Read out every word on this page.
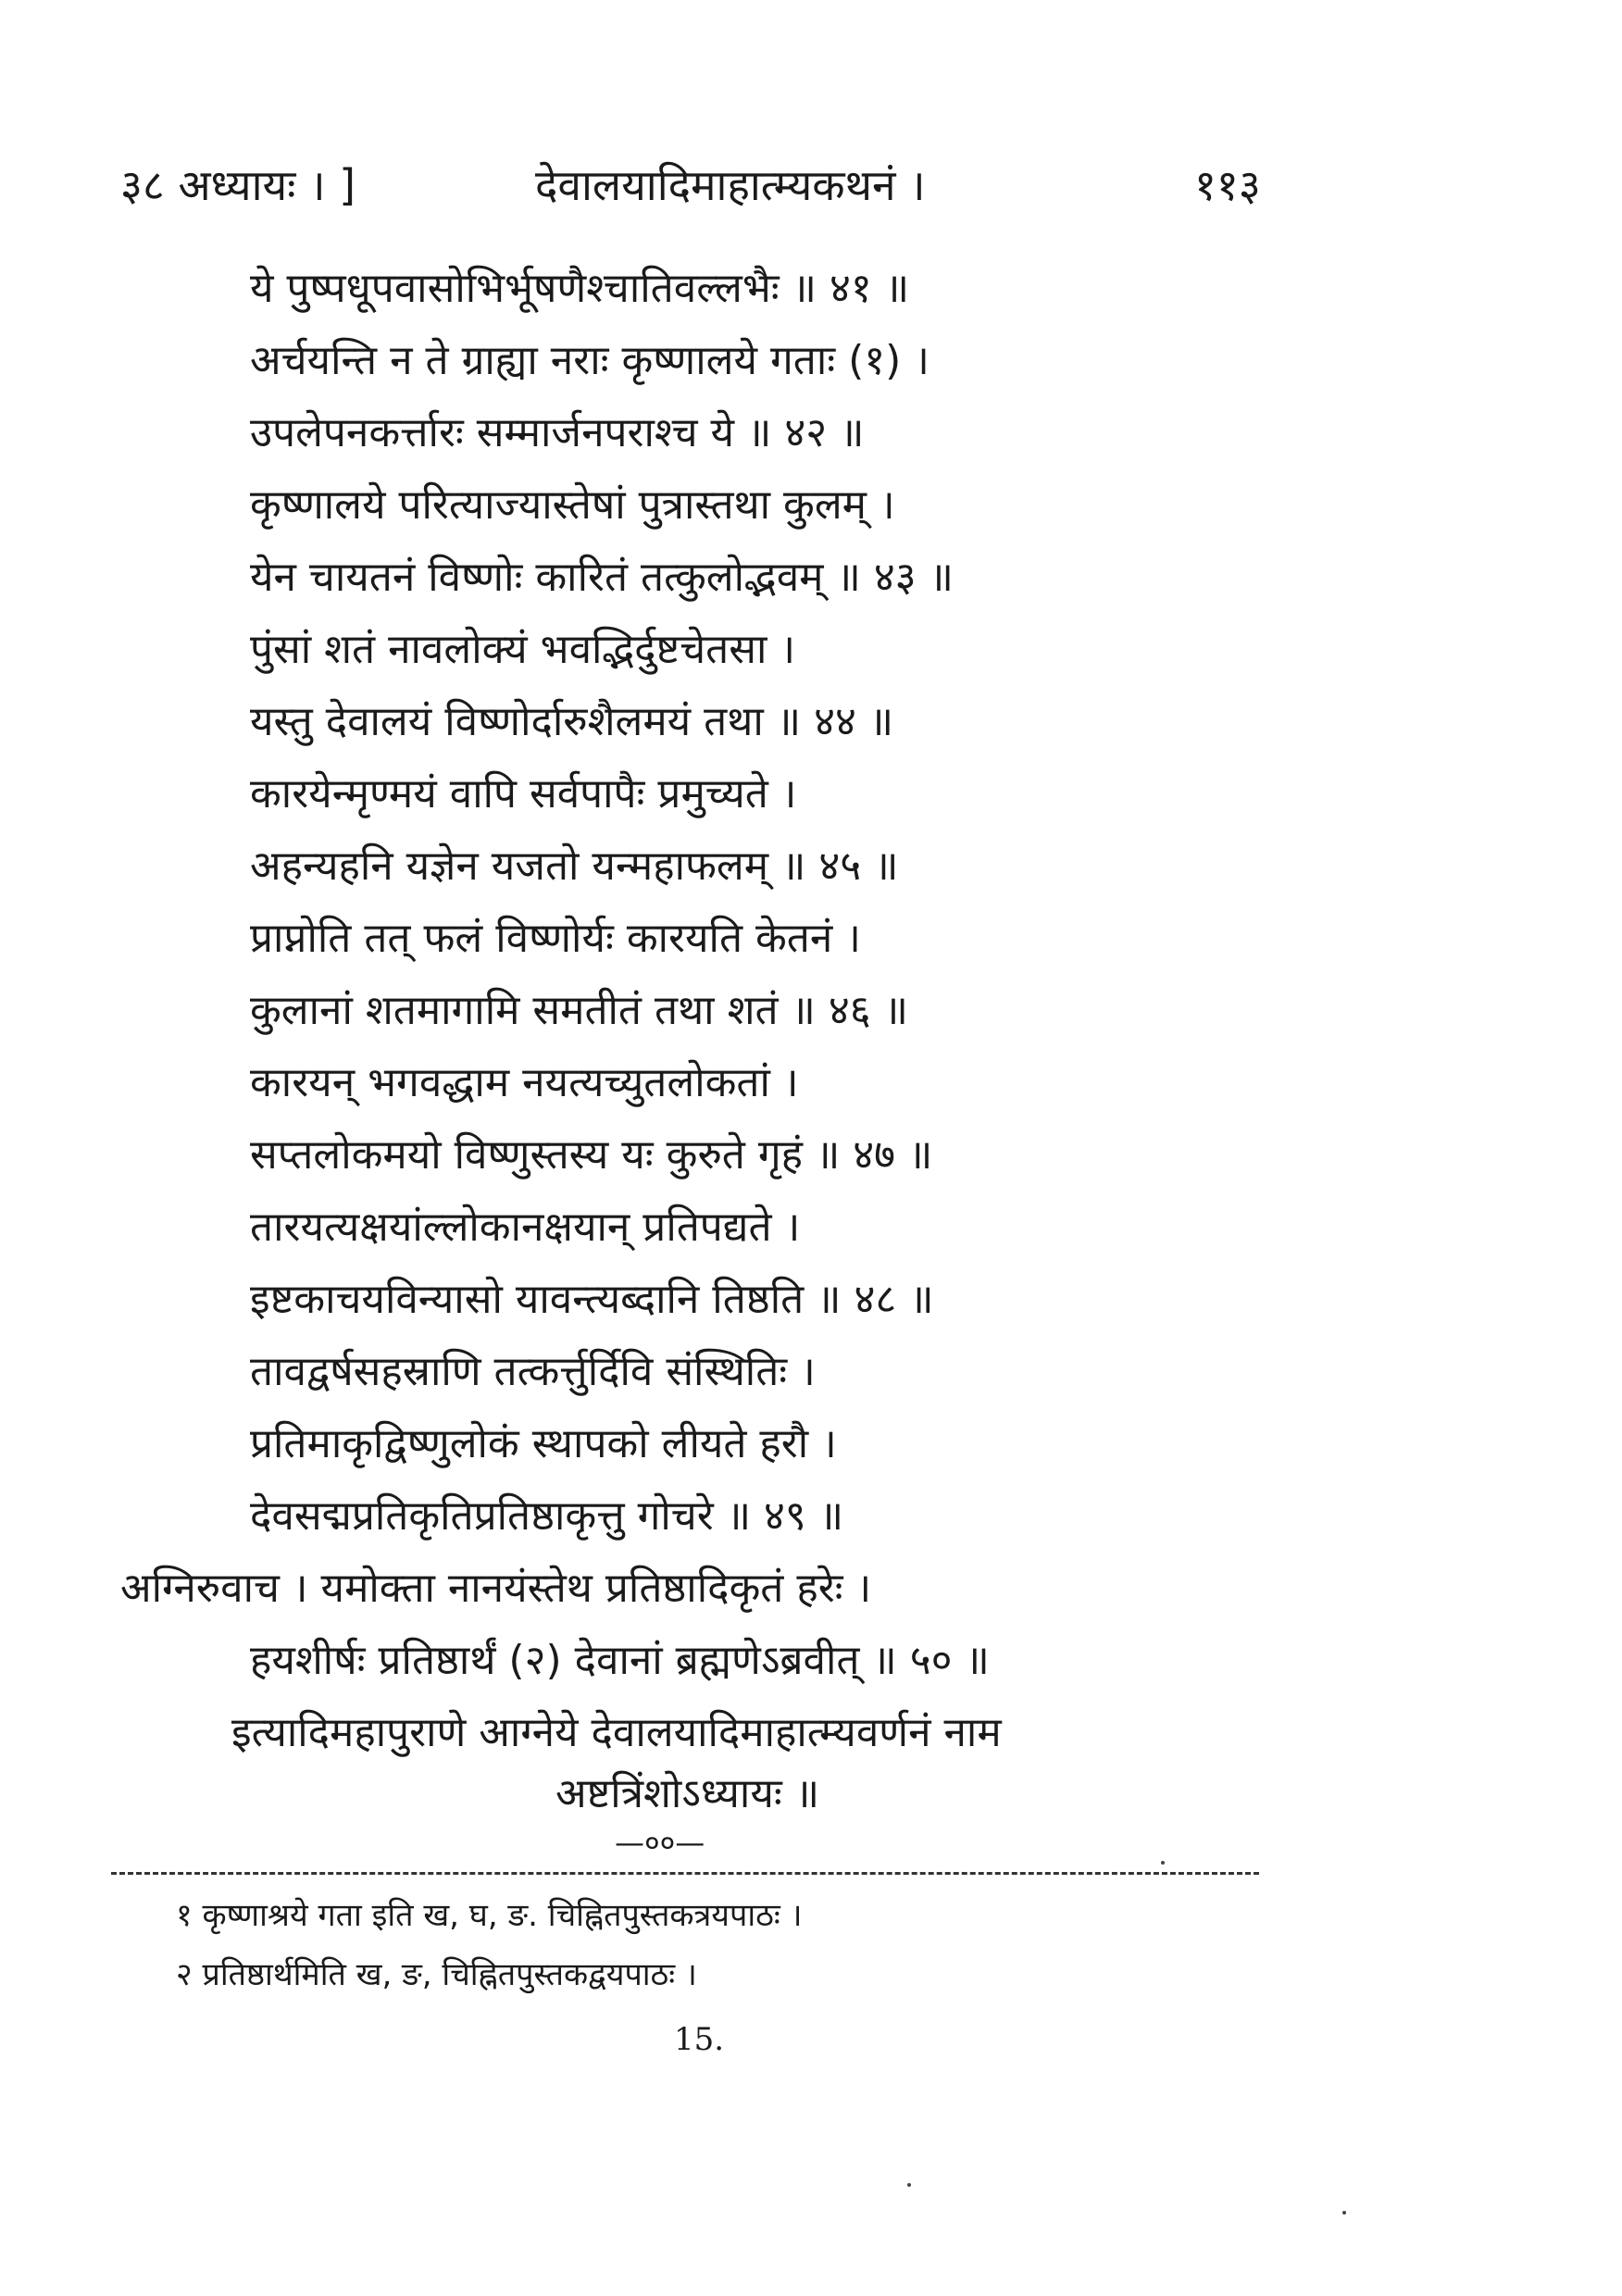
३८ अध्यायः । ]	देवालयादिमाहात्म्यकथनं ।	११३
ये पुष्पधूपवासोभिर्भूषणैश्चातिवल्लभैः ॥ ४१ ॥
अर्चयन्ति न ते ग्राह्या नराः कृष्णालये गताः (१) ।
उपलेपनकर्त्तारः सम्मार्जनपराश्च ये ॥ ४२ ॥
कृष्णालये परित्याज्यास्तेषां पुत्रास्तथा कुलम् ।
येन चायतनं विष्णोः कारितं तत्कुलोद्भवम् ॥ ४३ ॥
पुंसां शतं नावलोक्यं भवद्भिर्दुष्टचेतसा ।
यस्तु देवालयं विष्णोर्दारुशैलमयं तथा ॥ ४४ ॥
कारयेन्मृण्मयं वापि सर्वपापैः प्रमुच्यते ।
अहन्यहनि यज्ञेन यजतो यन्महाफलम् ॥ ४५ ॥
प्राप्नोति तत् फलं विष्णोर्यः कारयति केतनं ।
कुलानां शतमागामि समतीतं तथा शतं ॥ ४६ ॥
कारयन् भगवद्धाम नयत्यच्युतलोकतां ।
सप्तलोकमयो विष्णुस्तस्य यः कुरुते गृहं ॥ ४७ ॥
तारयत्यक्षयांल्लोकानक्षयान् प्रतिपद्यते ।
इष्टकाचयविन्यासो यावन्त्यब्दानि तिष्ठति ॥ ४८ ॥
तावद्वर्षसहस्राणि तत्कर्त्तुर्दिवि संस्थितिः ।
प्रतिमाकृद्विष्णुलोकं स्थापको लीयते हरौ ।
देवसद्मप्रतिकृतिप्रतिष्ठाकृत्तु गोचरे ॥ ४९ ॥
अग्निरुवाच । यमोक्ता नानयंस्तेथ प्रतिष्ठादिकृतं हरेः ।
हयशीर्षः प्रतिष्ठार्थं (२) देवानां ब्रह्मणेऽब्रवीत् ॥ ५० ॥
इत्यादिमहापुराणे आग्नेये देवालयादिमाहात्म्यवर्णनं नाम
अष्टत्रिंशोऽध्यायः ॥
—००—
१ कृष्णाश्रये गता इति ख, घ, ङ. चिह्नितपुस्तकत्रयपाठः ।
२ प्रतिष्ठार्थमिति ख, ङ, चिह्नितपुस्तकद्वयपाठः ।
15.
